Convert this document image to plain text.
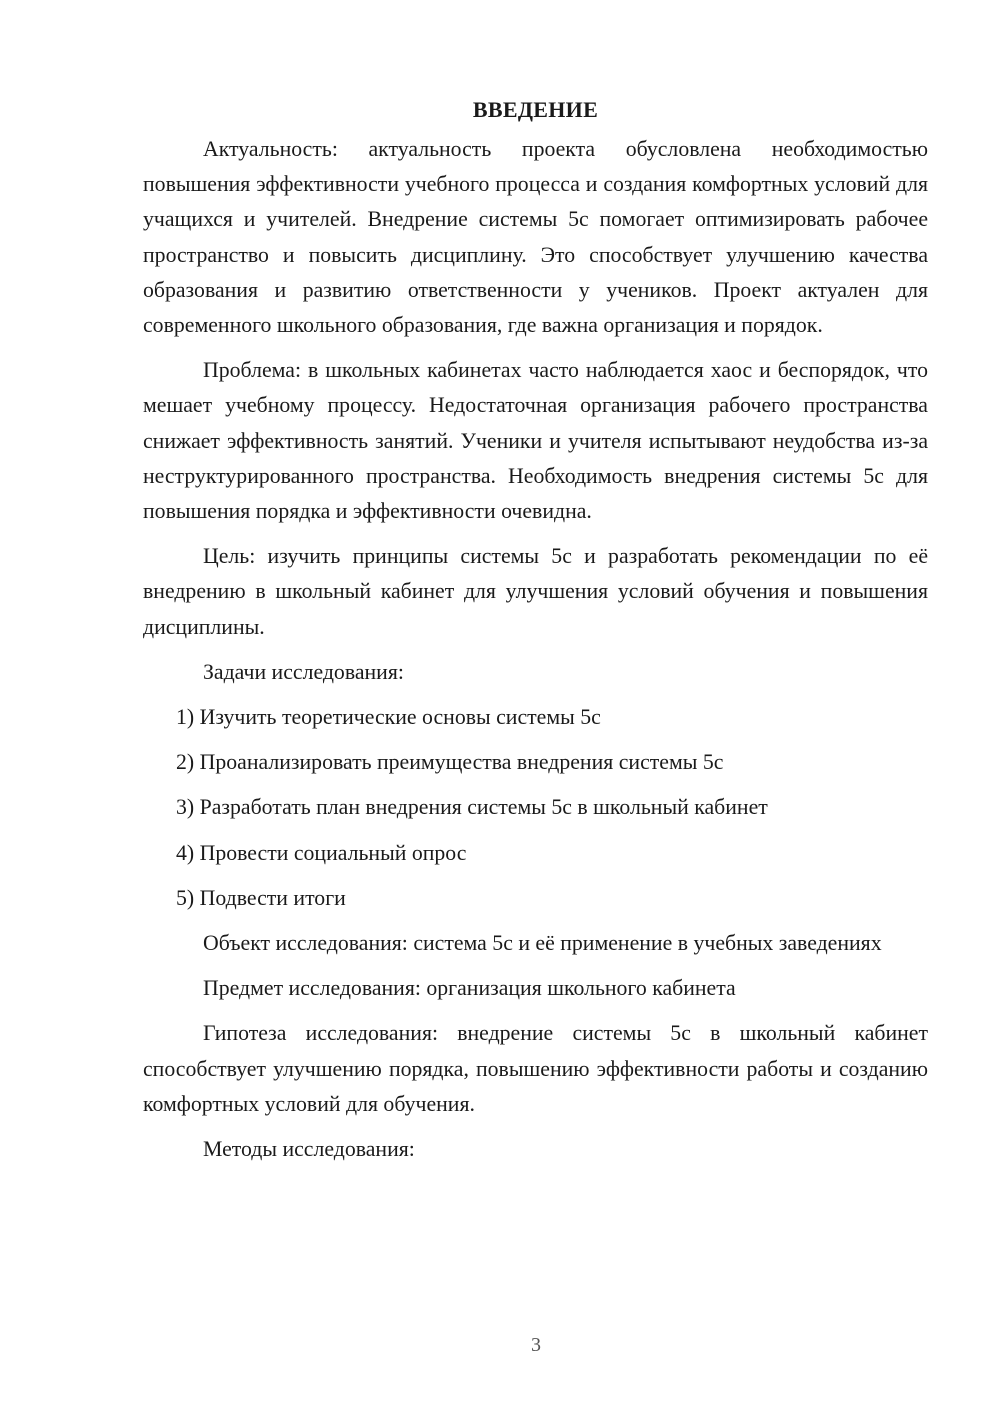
ВВЕДЕНИЕ

Актуальность: актуальность проекта обусловлена необходимостью повышения эффективности учебного процесса и создания комфортных условий для учащихся и учителей. Внедрение системы 5с помогает оптимизировать рабочее пространство и повысить дисциплину. Это способствует улучшению качества образования и развитию ответственности у учеников. Проект актуален для современного школьного образования, где важна организация и порядок.

Проблема: в школьных кабинетах часто наблюдается хаос и беспорядок, что мешает учебному процессу. Недостаточная организация рабочего пространства снижает эффективность занятий. Ученики и учителя испытывают неудобства из-за неструктурированного пространства. Необходимость внедрения системы 5с для повышения порядка и эффективности очевидна.

Цель: изучить принципы системы 5с и разработать рекомендации по её внедрению в школьный кабинет для улучшения условий обучения и повышения дисциплины.

Задачи исследования:

1) Изучить теоретические основы системы 5с
2) Проанализировать преимущества внедрения системы 5с
3) Разработать план внедрения системы 5с в школьный кабинет
4) Провести социальный опрос
5) Подвести итоги

Объект исследования: система 5с и её применение в учебных заведениях

Предмет исследования: организация школьного кабинета

Гипотеза исследования: внедрение системы 5с в школьный кабинет способствует улучшению порядка, повышению эффективности работы и созданию комфортных условий для обучения.

Методы исследования:

3
